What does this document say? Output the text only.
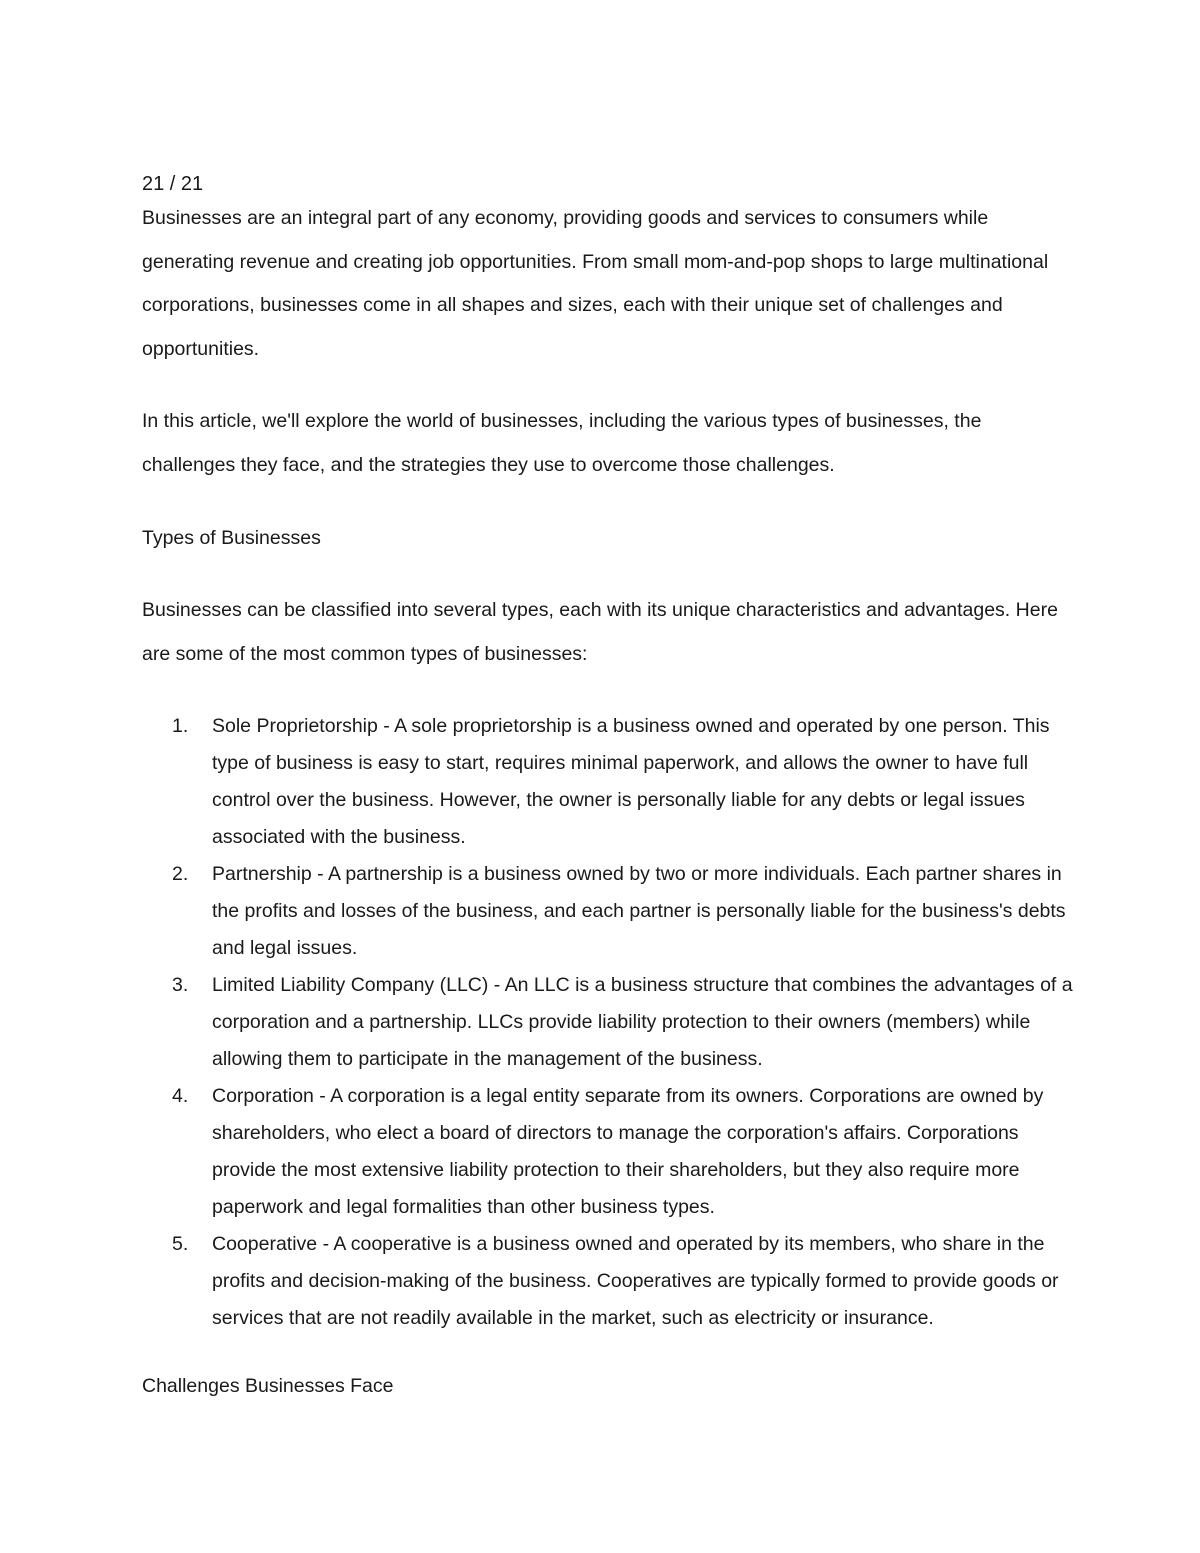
21 / 21

Businesses are an integral part of any economy, providing goods and services to consumers while generating revenue and creating job opportunities. From small mom-and-pop shops to large multinational corporations, businesses come in all shapes and sizes, each with their unique set of challenges and opportunities.

In this article, we'll explore the world of businesses, including the various types of businesses, the challenges they face, and the strategies they use to overcome those challenges.

Types of Businesses

Businesses can be classified into several types, each with its unique characteristics and advantages. Here are some of the most common types of businesses:

1.	Sole Proprietorship - A sole proprietorship is a business owned and operated by one person. This type of business is easy to start, requires minimal paperwork, and allows the owner to have full control over the business. However, the owner is personally liable for any debts or legal issues associated with the business.
2.	Partnership - A partnership is a business owned by two or more individuals. Each partner shares in the profits and losses of the business, and each partner is personally liable for the business's debts and legal issues.
3.	Limited Liability Company (LLC) - An LLC is a business structure that combines the advantages of a corporation and a partnership. LLCs provide liability protection to their owners (members) while allowing them to participate in the management of the business.
4.	Corporation - A corporation is a legal entity separate from its owners. Corporations are owned by shareholders, who elect a board of directors to manage the corporation's affairs. Corporations provide the most extensive liability protection to their shareholders, but they also require more paperwork and legal formalities than other business types.
5.	Cooperative - A cooperative is a business owned and operated by its members, who share in the profits and decision-making of the business. Cooperatives are typically formed to provide goods or services that are not readily available in the market, such as electricity or insurance.
Challenges Businesses Face
